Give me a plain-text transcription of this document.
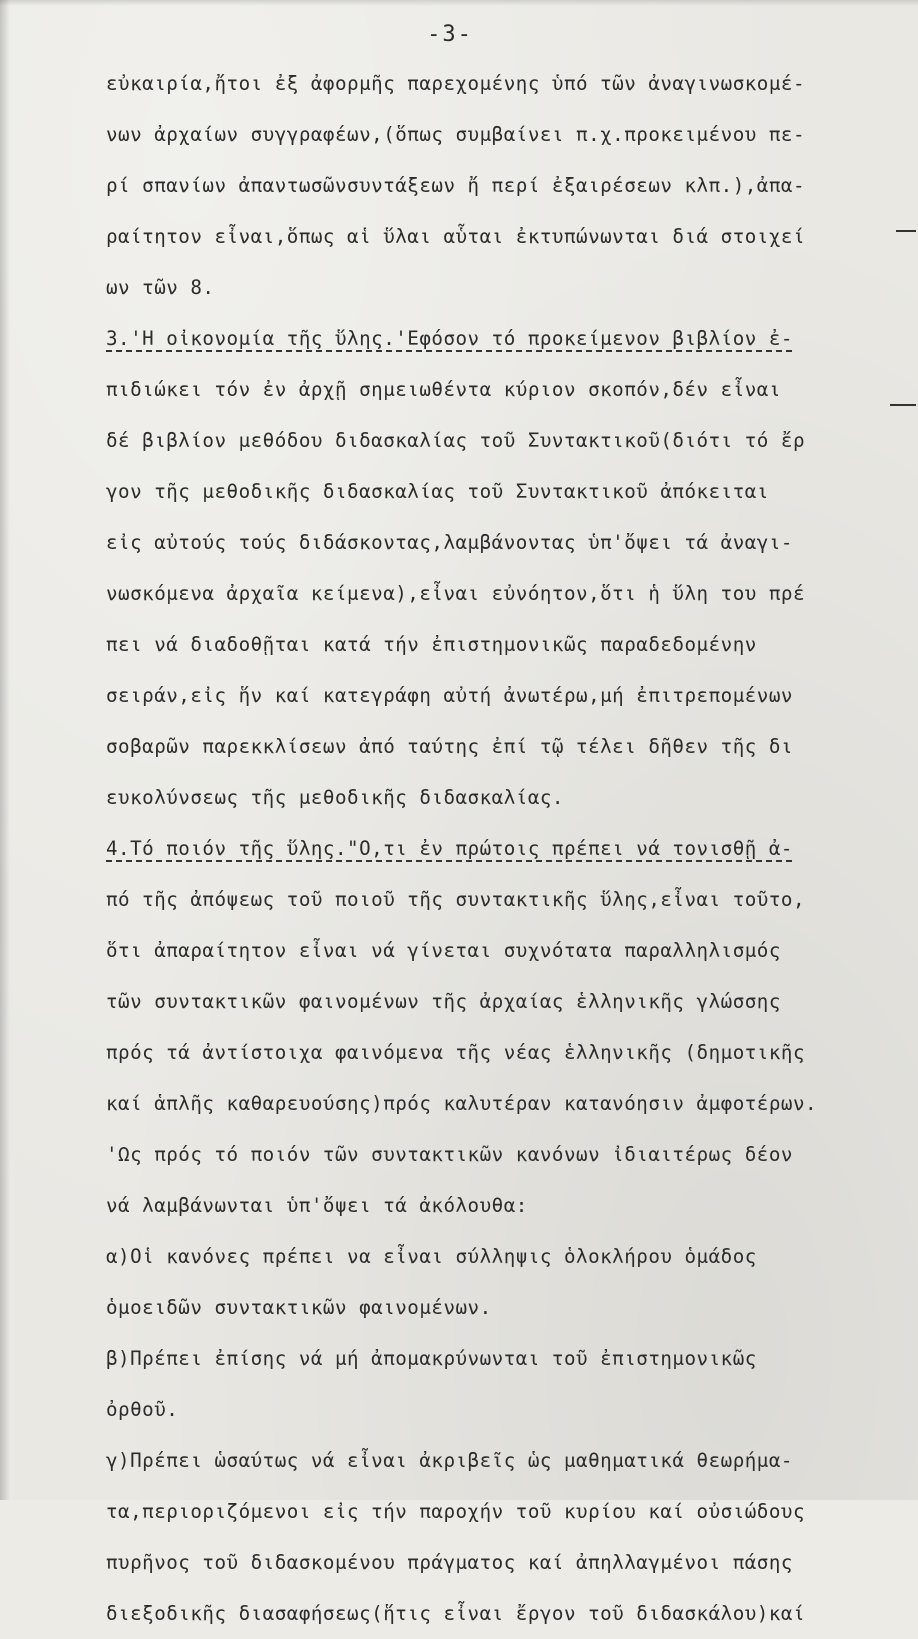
-3-
εὐκαιρία,ἤτοι ἐξ ἀφορμῆς παρεχομένης ὑπό τῶν ἀναγινωσκομέ-
νων ἀρχαίων συγγραφέων,(ὅπως συμβαίνει π.χ.προκειμένου πε-
ρί σπανίων ἀπαντωσῶνσυντάξεων ἤ περί ἐξαιρέσεων κλπ.),ἀπα-
ραίτητον εἶναι,ὅπως αἱ ὕλαι αὗται ἐκτυπώνωνται διά στοιχεί
ων τῶν 8.
3.'Η οἰκονομία τῆς ὕλης.'Εφόσον τό προκείμενον βιβλίον ἐ-
πιδιώκει τόν ἐν ἀρχῇ σημειωθέντα κύριον σκοπόν,δέν εἶναι
δέ βιβλίον μεθόδου διδασκαλίας τοῦ Συντακτικοῦ(διότι τό ἔρ
γον τῆς μεθοδικῆς διδασκαλίας τοῦ Συντακτικοῦ ἀπόκειται
εἰς αὐτούς τούς διδάσκοντας,λαμβάνοντας ὑπ'ὄψει τά ἀναγι-
νωσκόμενα ἀρχαῖα κείμενα),εἶναι εὐνόητον,ὅτι ἡ ὕλη του πρέ
πει νά διαδοθῇται κατά τήν ἐπιστημονικῶς παραδεδομένην
σειράν,εἰς ἥν καί κατεγράφη αὐτή ἀνωτέρω,μή ἐπιτρεπομένων
σοβαρῶν παρεκκλίσεων ἀπό ταύτης ἐπί τῷ τέλει δῆθεν τῆς δι
ευκολύνσεως τῆς μεθοδικῆς διδασκαλίας.
4.Τό ποιόν τῆς ὕλης."Ο,τι ἐν πρώτοις πρέπει νά τονισθῇ ἀ-
πό τῆς ἀπόψεως τοῦ ποιοῦ τῆς συντακτικῆς ὕλης,εἶναι τοῦτο,
ὅτι ἀπαραίτητον εἶναι νά γίνεται συχνότατα παραλληλισμός
τῶν συντακτικῶν φαινομένων τῆς ἀρχαίας ἑλληνικῆς γλώσσης
πρός τά ἀντίστοιχα φαινόμενα τῆς νέας ἑλληνικῆς (δημοτικῆς
καί ἁπλῆς καθαρευούσης)πρός καλυτέραν κατανόησιν ἀμφοτέρων.
'Ως πρός τό ποιόν τῶν συντακτικῶν κανόνων ἰδιαιτέρως δέον
νά λαμβάνωνται ὑπ'ὄψει τά ἀκόλουθα:
α)Οἱ κανόνες πρέπει να εἶναι σύλληψις ὁλοκλήρου ὁμάδος
ὁμοειδῶν συντακτικῶν φαινομένων.
β)Πρέπει ἐπίσης νά μή ἀπομακρύνωνται τοῦ ἐπιστημονικῶς
ὀρθοῦ.
γ)Πρέπει ὡσαύτως νά εἶναι ἀκριβεῖς ὡς μαθηματικά θεωρήμα-
τα,περιοριζόμενοι εἰς τήν παροχήν τοῦ κυρίου καί οὐσιώδους
πυρῆνος τοῦ διδασκομένου πράγματος καί ἀπηλλαγμένοι πάσης
διεξοδικῆς διασαφήσεως(ἥτις εἶναι ἔργον τοῦ διδασκάλου)καί
